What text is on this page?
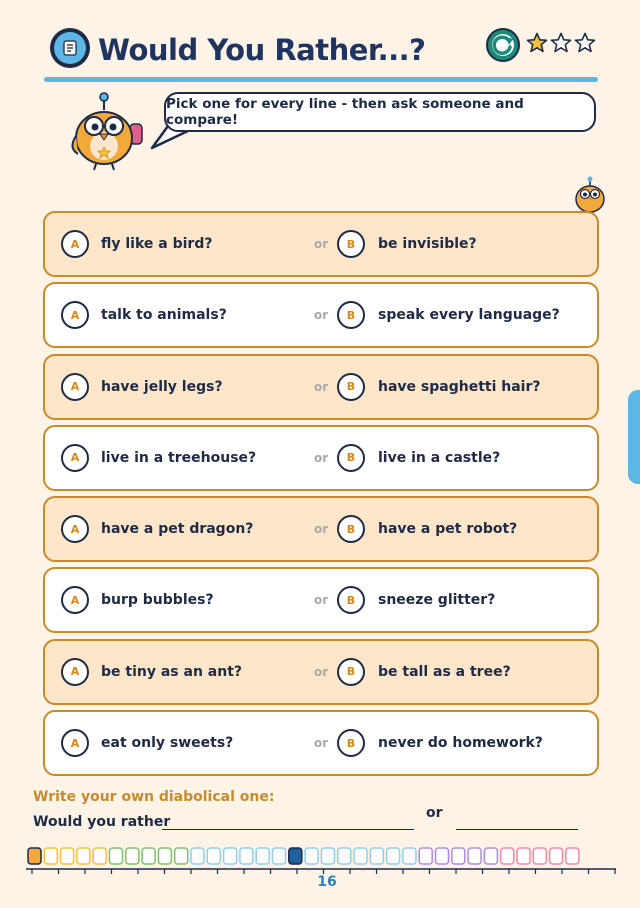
Would You Rather...?
Pick one for every line - then ask someone and compare!
A	fly like a bird?	or	B	be invisible?
A	talk to animals?	or	B	speak every language?
A	have jelly legs?	or	B	have spaghetti hair?
A	live in a treehouse?	or	B	live in a castle?
A	have a pet dragon?	or	B	have a pet robot?
A	burp bubbles?	or	B	sneeze glitter?
A	be tiny as an ant?	or	B	be tall as a tree?
A	eat only sweets?	or	B	never do homework?
Write your own diabolical one:
Would you rather
or
16
